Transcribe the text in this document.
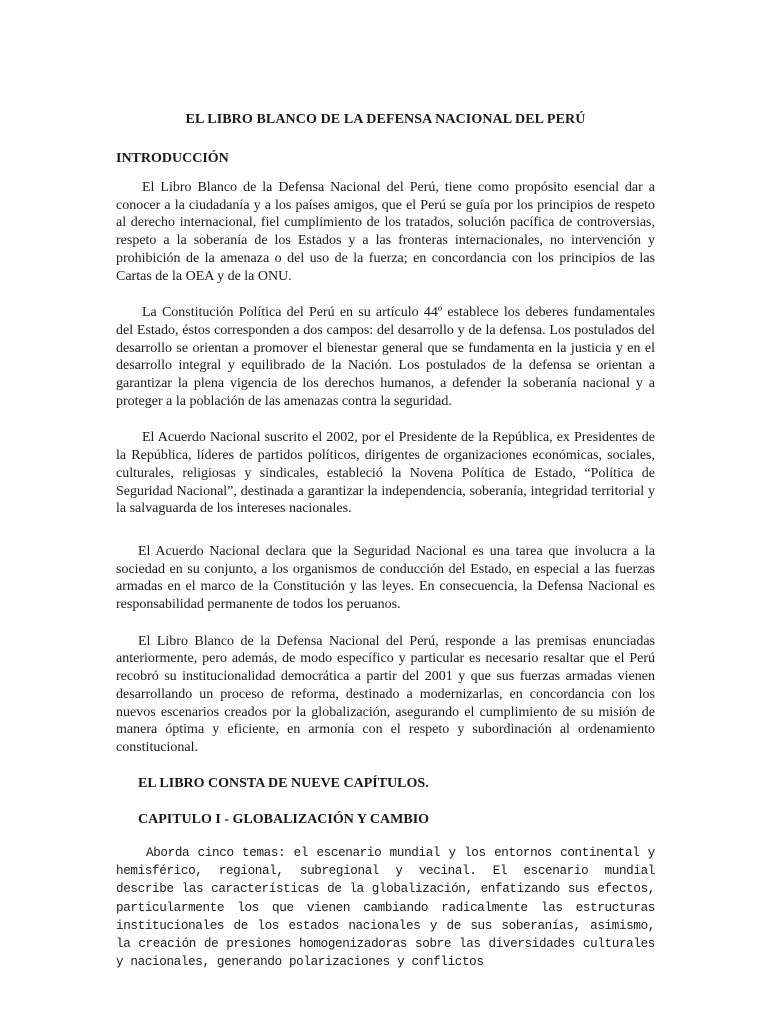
EL LIBRO BLANCO DE LA DEFENSA NACIONAL DEL PERÚ
INTRODUCCIÓN

El Libro Blanco de la Defensa Nacional del Perú, tiene como propósito esencial dar a conocer a la ciudadanía y a los países amigos, que el Perú se guía por los principios de respeto al derecho internacional, fiel cumplimiento de los tratados, solución pacífica de controversias, respeto a la soberanía de los Estados y a las fronteras internacionales, no intervención y prohibición de la amenaza o del uso de la fuerza; en concordancia con los principios de las Cartas de la OEA y de la ONU.

La Constitución Política del Perú en su artículo 44º establece los deberes fundamentales del Estado, éstos corresponden a dos campos: del desarrollo y de la defensa. Los postulados del desarrollo se orientan a promover el bienestar general que se fundamenta en la justicia y en el desarrollo integral y equilibrado de la Nación. Los postulados de la defensa se orientan a garantizar la plena vigencia de los derechos humanos, a defender la soberanía nacional y a proteger a la población de las amenazas contra la seguridad.

El Acuerdo Nacional suscrito el 2002, por el Presidente de la República, ex Presidentes de la República, líderes de partidos políticos, dirigentes de organizaciones económicas, sociales, culturales, religiosas y sindicales, estableció la Novena Política de Estado, “Política de Seguridad Nacional”, destinada a garantizar la independencia, soberanía, integridad territorial y la salvaguarda de los intereses nacionales.

El Acuerdo Nacional declara que la Seguridad Nacional es una tarea que involucra a la sociedad en su conjunto, a los organismos de conducción del Estado, en especial a las fuerzas armadas en el marco de la Constitución y las leyes. En consecuencia, la Defensa Nacional es responsabilidad permanente de todos los peruanos.

El Libro Blanco de la Defensa Nacional del Perú, responde a las premisas enunciadas anteriormente, pero además, de modo específico y particular es necesario resaltar que el Perú recobró su institucionalidad democrática a partir del 2001 y que sus fuerzas armadas vienen desarrollando un proceso de reforma, destinado a modernizarlas, en concordancia con los nuevos escenarios creados por la globalización, asegurando el cumplimiento de su misión de manera óptima y eficiente, en armonía con el respeto y subordinación al ordenamiento constitucional.

EL LIBRO CONSTA DE NUEVE CAPÍTULOS.
CAPITULO I - GLOBALIZACIÓN Y CAMBIO

Aborda cinco temas: el escenario mundial y los entornos continental y hemisférico, regional, subregional y vecinal. El escenario mundial describe las características de la globalización, enfatizando sus efectos, particularmente los que vienen cambiando radicalmente las estructuras institucionales de los estados nacionales y de sus soberanías, asimismo, la creación de presiones homogenizadoras sobre las diversidades culturales y nacionales, generando polarizaciones y conflictos
